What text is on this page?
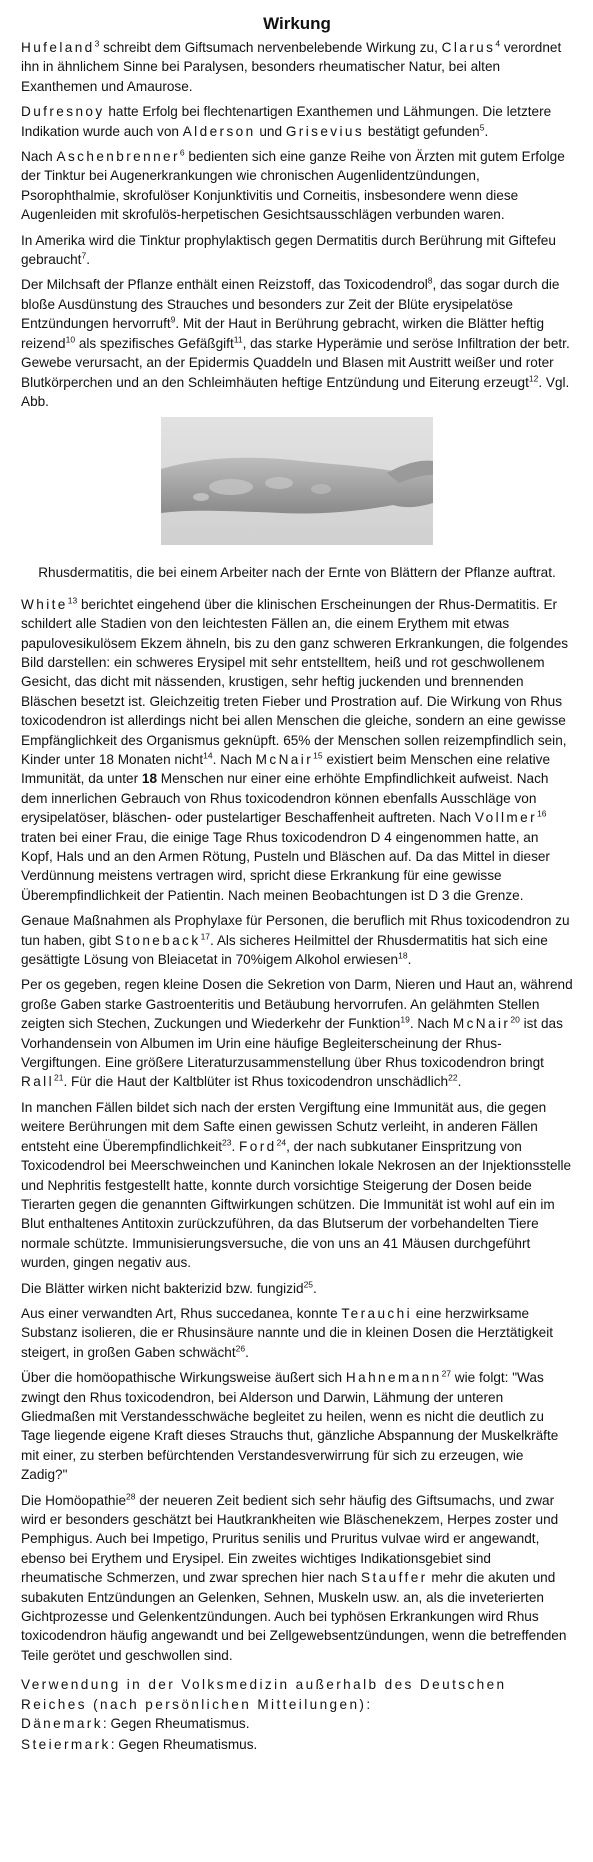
Wirkung

Hufeland$^3$ schreibt dem Giftsumach nervenbelebende Wirkung zu, Clarus$^4$ verordnet ihn in ähnlichem Sinne bei Paralysen, besonders rheumatischer Natur, bei alten Exanthemen und Amaurose.

Dufresnoy hatte Erfolg bei flechtenartigen Exanthemen und Lähmungen. Die letztere Indikation wurde auch von Alderson und Grisevius bestätigt gefunden$^5$.

Nach Aschenbrenner$^6$ bedienten sich eine ganze Reihe von Ärzten mit gutem Erfolge der Tinktur bei Augenerkrankungen wie chronischen Augenlidentzündungen, Psorophthalmie, skrofulöser Konjunktivitis und Corneitis, insbesondere wenn diese Augenleiden mit skrofulös-herpetischen Gesichtsausschlägen verbunden waren.

In Amerika wird die Tinktur prophylaktisch gegen Dermatitis durch Berührung mit Giftefeu gebraucht$^7$.

Der Milchsaft der Pflanze enthält einen Reizstoff, das Toxicodendrol$^8$, das sogar durch die bloße Ausdünstung des Strauches und besonders zur Zeit der Blüte erysipelatöse Entzündungen hervorruft$^9$. Mit der Haut in Berührung gebracht, wirken die Blätter heftig reizend$^{10}$ als spezifisches Gefäßgift$^{11}$, das starke Hyperämie und seröse Infiltration der betr. Gewebe verursacht, an der Epidermis Quaddeln und Blasen mit Austritt weißer und roter Blutkörperchen und an den Schleimhäuten heftige Entzündung und Eiterung erzeugt$^{12}$. Vgl. Abb.

Rhusdermatitis, die bei einem Arbeiter nach der Ernte von Blättern der Pflanze auftrat.

White$^{13}$ berichtet eingehend über die klinischen Erscheinungen der Rhus-Dermatitis. Er schildert alle Stadien von den leichtesten Fällen an, die einem Erythem mit etwas papulovesikulösem Ekzem ähneln, bis zu den ganz schweren Erkrankungen, die folgendes Bild darstellen: ein schweres Erysipel mit sehr entstelltem, heiß und rot geschwollenem Gesicht, das dicht mit nässenden, krustigen, sehr heftig juckenden und brennenden Bläschen besetzt ist. Gleichzeitig treten Fieber und Prostration auf. Die Wirkung von Rhus toxicodendron ist allerdings nicht bei allen Menschen die gleiche, sondern an eine gewisse Empfänglichkeit des Organismus geknüpft. 65% der Menschen sollen reizempfindlich sein, Kinder unter 18 Monaten nicht$^{14}$. Nach McNair$^{15}$ existiert beim Menschen eine relative Immunität, da unter 18 Menschen nur einer eine erhöhte Empfindlichkeit aufweist. Nach dem innerlichen Gebrauch von Rhus toxicodendron können ebenfalls Ausschläge von erysipelatöser, bläschen- oder pustelartiger Beschaffenheit auftreten. Nach Vollmer$^{16}$ traten bei einer Frau, die einige Tage Rhus toxicodendron D 4 eingenommen hatte, an Kopf, Hals und an den Armen Rötung, Pusteln und Bläschen auf. Da das Mittel in dieser Verdünnung meistens vertragen wird, spricht diese Erkrankung für eine gewisse Überempfindlichkeit der Patientin. Nach meinen Beobachtungen ist D 3 die Grenze.

Genaue Maßnahmen als Prophylaxe für Personen, die beruflich mit Rhus toxicodendron zu tun haben, gibt Stoneback$^{17}$. Als sicheres Heilmittel der Rhusdermatitis hat sich eine gesättigte Lösung von Bleiacetat in 70%igem Alkohol erwiesen$^{18}$.

Per os gegeben, regen kleine Dosen die Sekretion von Darm, Nieren und Haut an, während große Gaben starke Gastroenteritis und Betäubung hervorrufen. An gelähmten Stellen zeigten sich Stechen, Zuckungen und Wiederkehr der Funktion$^{19}$. Nach McNair$^{20}$ ist das Vorhandensein von Albumen im Urin eine häufige Begleiterscheinung der Rhus-Vergiftungen. Eine größere Literaturzusammenstellung über Rhus toxicodendron bringt Rall$^{21}$. Für die Haut der Kaltblüter ist Rhus toxicodendron unschädlich$^{22}$.

In manchen Fällen bildet sich nach der ersten Vergiftung eine Immunität aus, die gegen weitere Berührungen mit dem Safte einen gewissen Schutz verleiht, in anderen Fällen entsteht eine Überempfindlichkeit$^{23}$. Ford$^{24}$, der nach subkutaner Einspritzung von Toxicodendrol bei Meerschweinchen und Kaninchen lokale Nekrosen an der Injektionsstelle und Nephritis festgestellt hatte, konnte durch vorsichtige Steigerung der Dosen beide Tierarten gegen die genannten Giftwirkungen schützen. Die Immunität ist wohl auf ein im Blut enthaltenes Antitoxin zurückzuführen, da das Blutserum der vorbehandelten Tiere normale schützte. Immunisierungsversuche, die von uns an 41 Mäusen durchgeführt wurden, gingen negativ aus.

Die Blätter wirken nicht bakterizid bzw. fungizid$^{25}$.

Aus einer verwandten Art, Rhus succedanea, konnte Terauchi eine herzwirksame Substanz isolieren, die er Rhusinsäure nannte und die in kleinen Dosen die Herztätigkeit steigert, in großen Gaben schwächt$^{26}$.

Über die homöopathische Wirkungsweise äußert sich Hahnemann$^{27}$ wie folgt: "Was zwingt den Rhus toxicodendron, bei Alderson und Darwin, Lähmung der unteren Gliedmaßen mit Verstandesschwäche begleitet zu heilen, wenn es nicht die deutlich zu Tage liegende eigene Kraft dieses Strauchs thut, gänzliche Abspannung der Muskelkräfte mit einer, zu sterben befürchtenden Verstandesverwirrung für sich zu erzeugen, wie Zadig?"

Die Homöopathie$^{28}$ der neueren Zeit bedient sich sehr häufig des Giftsumachs, und zwar wird er besonders geschätzt bei Hautkrankheiten wie Bläschenekzem, Herpes zoster und Pemphigus. Auch bei Impetigo, Pruritus senilis und Pruritus vulvae wird er angewandt, ebenso bei Erythem und Erysipel. Ein zweites wichtiges Indikationsgebiet sind rheumatische Schmerzen, und zwar sprechen hier nach Stauffer mehr die akuten und subakuten Entzündungen an Gelenken, Sehnen, Muskeln usw. an, als die inveterierten Gichtprozesse und Gelenkentzündungen. Auch bei typhösen Erkrankungen wird Rhus toxicodendron häufig angewandt und bei Zellgewebsentzündungen, wenn die betreffenden Teile gerötet und geschwollen sind.

Verwendung in der Volksmedizin außerhalb des Deutschen Reiches (nach persönlichen Mitteilungen):

Dänemark: Gegen Rheumatismus.

Steiermark: Gegen Rheumatismus.
